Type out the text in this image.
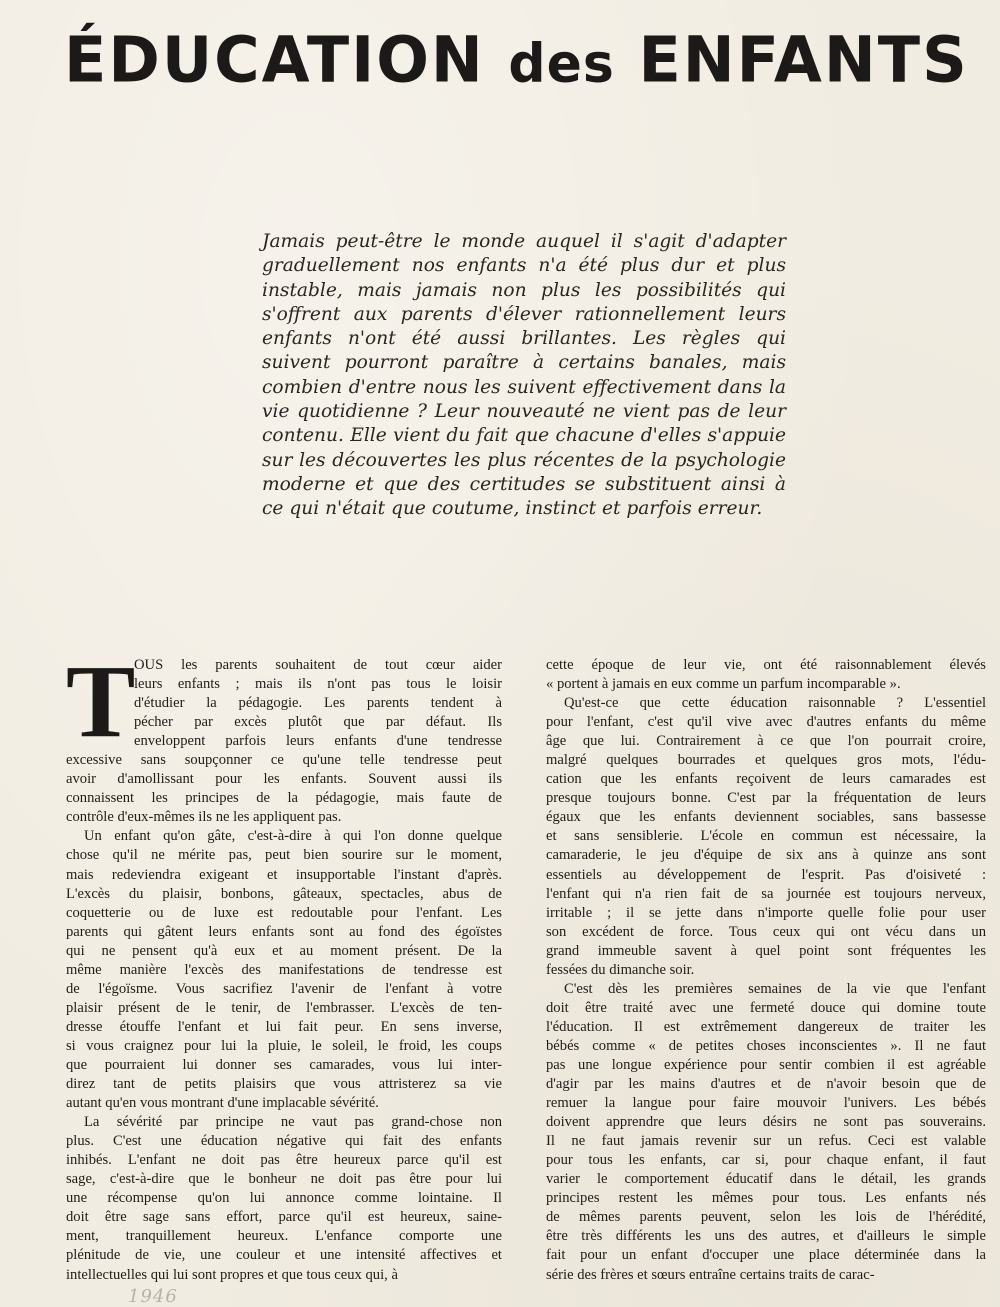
ÉDUCATION des ENFANTS
Jamais peut-être le monde auquel il s'agit d'adapter
graduellement nos enfants n'a été plus dur et plus
instable, mais jamais non plus les possibilités qui
s'offrent aux parents d'élever rationnellement leurs
enfants n'ont été aussi brillantes. Les règles qui
suivent pourront paraître à certains banales, mais
combien d'entre nous les suivent effectivement dans la
vie quotidienne ? Leur nouveauté ne vient pas de leur
contenu. Elle vient du fait que chacune d'elles s'appuie
sur les découvertes les plus récentes de la psychologie
moderne et que des certitudes se substituent ainsi à
ce qui n'était que coutume, instinct et parfois erreur.
T
OUS les parents souhaitent de tout cœur aider
leurs enfants ; mais ils n'ont pas tous le loisir
d'étudier la pédagogie. Les parents tendent à
pécher par excès plutôt que par défaut. Ils
enveloppent parfois leurs enfants d'une tendresse
excessive sans soupçonner ce qu'une telle tendresse peut
avoir d'amollissant pour les enfants. Souvent aussi ils
connaissent les principes de la pédagogie, mais faute de
contrôle d'eux-mêmes ils ne les appliquent pas.
Un enfant qu'on gâte, c'est-à-dire à qui l'on donne quelque
chose qu'il ne mérite pas, peut bien sourire sur le moment,
mais redeviendra exigeant et insupportable l'instant d'après.
L'excès du plaisir, bonbons, gâteaux, spectacles, abus de
coquetterie ou de luxe est redoutable pour l'enfant. Les
parents qui gâtent leurs enfants sont au fond des égoïstes
qui ne pensent qu'à eux et au moment présent. De la
même manière l'excès des manifestations de tendresse est
de l'égoïsme. Vous sacrifiez l'avenir de l'enfant à votre
plaisir présent de le tenir, de l'embrasser. L'excès de ten-
dresse étouffe l'enfant et lui fait peur. En sens inverse,
si vous craignez pour lui la pluie, le soleil, le froid, les coups
que pourraient lui donner ses camarades, vous lui inter-
direz tant de petits plaisirs que vous attristerez sa vie
autant qu'en vous montrant d'une implacable sévérité.
La sévérité par principe ne vaut pas grand-chose non
plus. C'est une éducation négative qui fait des enfants
inhibés. L'enfant ne doit pas être heureux parce qu'il est
sage, c'est-à-dire que le bonheur ne doit pas être pour lui
une récompense qu'on lui annonce comme lointaine. Il
doit être sage sans effort, parce qu'il est heureux, saine-
ment, tranquillement heureux. L'enfance comporte une
plénitude de vie, une couleur et une intensité affectives et
intellectuelles qui lui sont propres et que tous ceux qui, à
cette époque de leur vie, ont été raisonnablement élevés
« portent à jamais en eux comme un parfum incomparable ».
Qu'est-ce que cette éducation raisonnable ? L'essentiel
pour l'enfant, c'est qu'il vive avec d'autres enfants du même
âge que lui. Contrairement à ce que l'on pourrait croire,
malgré quelques bourrades et quelques gros mots, l'édu-
cation que les enfants reçoivent de leurs camarades est
presque toujours bonne. C'est par la fréquentation de leurs
égaux que les enfants deviennent sociables, sans bassesse
et sans sensiblerie. L'école en commun est nécessaire, la
camaraderie, le jeu d'équipe de six ans à quinze ans sont
essentiels au développement de l'esprit. Pas d'oisiveté :
l'enfant qui n'a rien fait de sa journée est toujours nerveux,
irritable ; il se jette dans n'importe quelle folie pour user
son excédent de force. Tous ceux qui ont vécu dans un
grand immeuble savent à quel point sont fréquentes les
fessées du dimanche soir.
C'est dès les premières semaines de la vie que l'enfant
doit être traité avec une fermeté douce qui domine toute
l'éducation. Il est extrêmement dangereux de traiter les
bébés comme « de petites choses inconscientes ». Il ne faut
pas une longue expérience pour sentir combien il est agréable
d'agir par les mains d'autres et de n'avoir besoin que de
remuer la langue pour faire mouvoir l'univers. Les bébés
doivent apprendre que leurs désirs ne sont pas souverains.
Il ne faut jamais revenir sur un refus. Ceci est valable
pour tous les enfants, car si, pour chaque enfant, il faut
varier le comportement éducatif dans le détail, les grands
principes restent les mêmes pour tous. Les enfants nés
de mêmes parents peuvent, selon les lois de l'hérédité,
être très différents les uns des autres, et d'ailleurs le simple
fait pour un enfant d'occuper une place déterminée dans la
série des frères et sœurs entraîne certains traits de carac-
1946
